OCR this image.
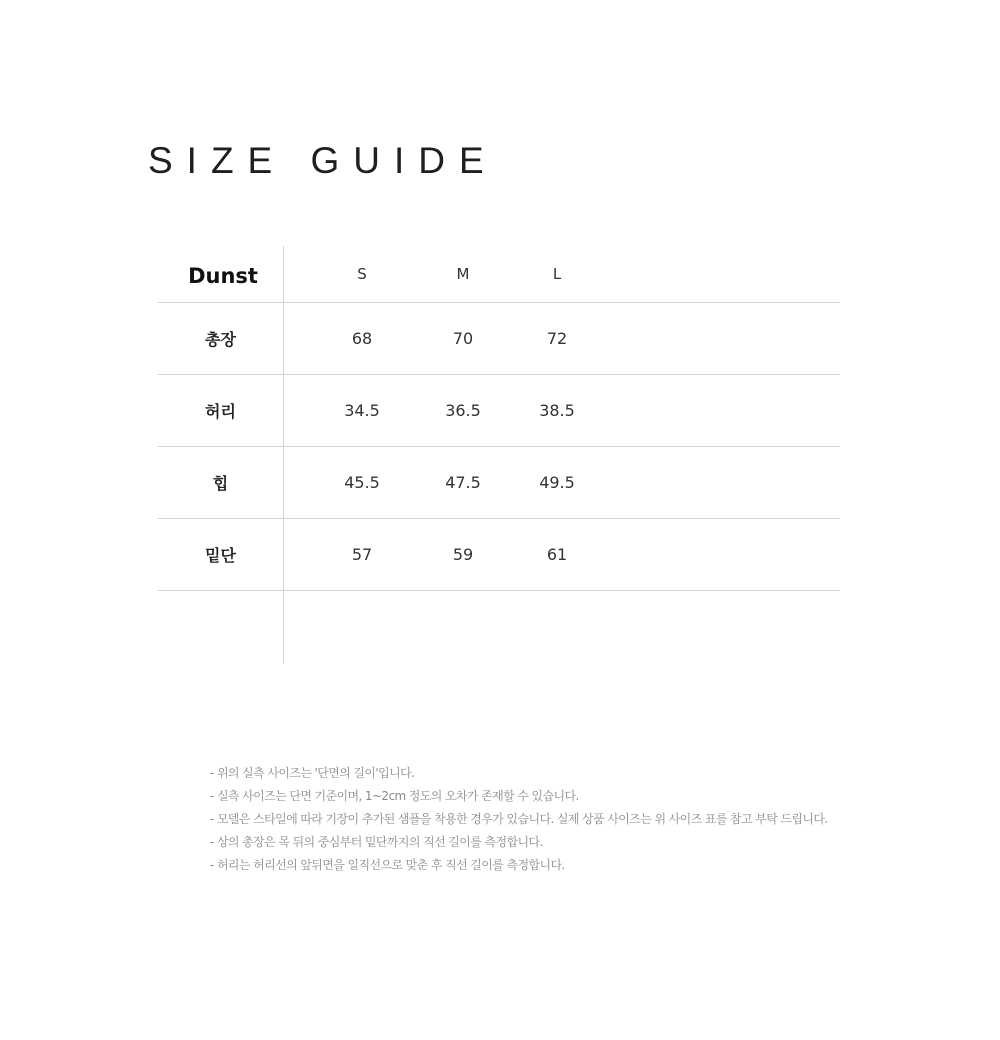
SIZE GUIDE
Dunst	S	M	L
총장	68	70	72
허리	34.5	36.5	38.5
힙	45.5	47.5	49.5
밑단	57	59	61
- 위의 실측 사이즈는 '단면의 길이'입니다.
- 실측 사이즈는 단면 기준이며, 1~2cm 정도의 오차가 존재할 수 있습니다.
- 모델은 스타일에 따라 기장이 추가된 샘플을 착용한 경우가 있습니다. 실제 상품 사이즈는 위 사이즈 표를 참고 부탁 드립니다.
- 상의 총장은 목 뒤의 중심부터 밑단까지의 직선 길이를 측정합니다.
- 허리는 허리선의 앞뒤면을 일직선으로 맞춘 후 직선 길이를 측정합니다.
